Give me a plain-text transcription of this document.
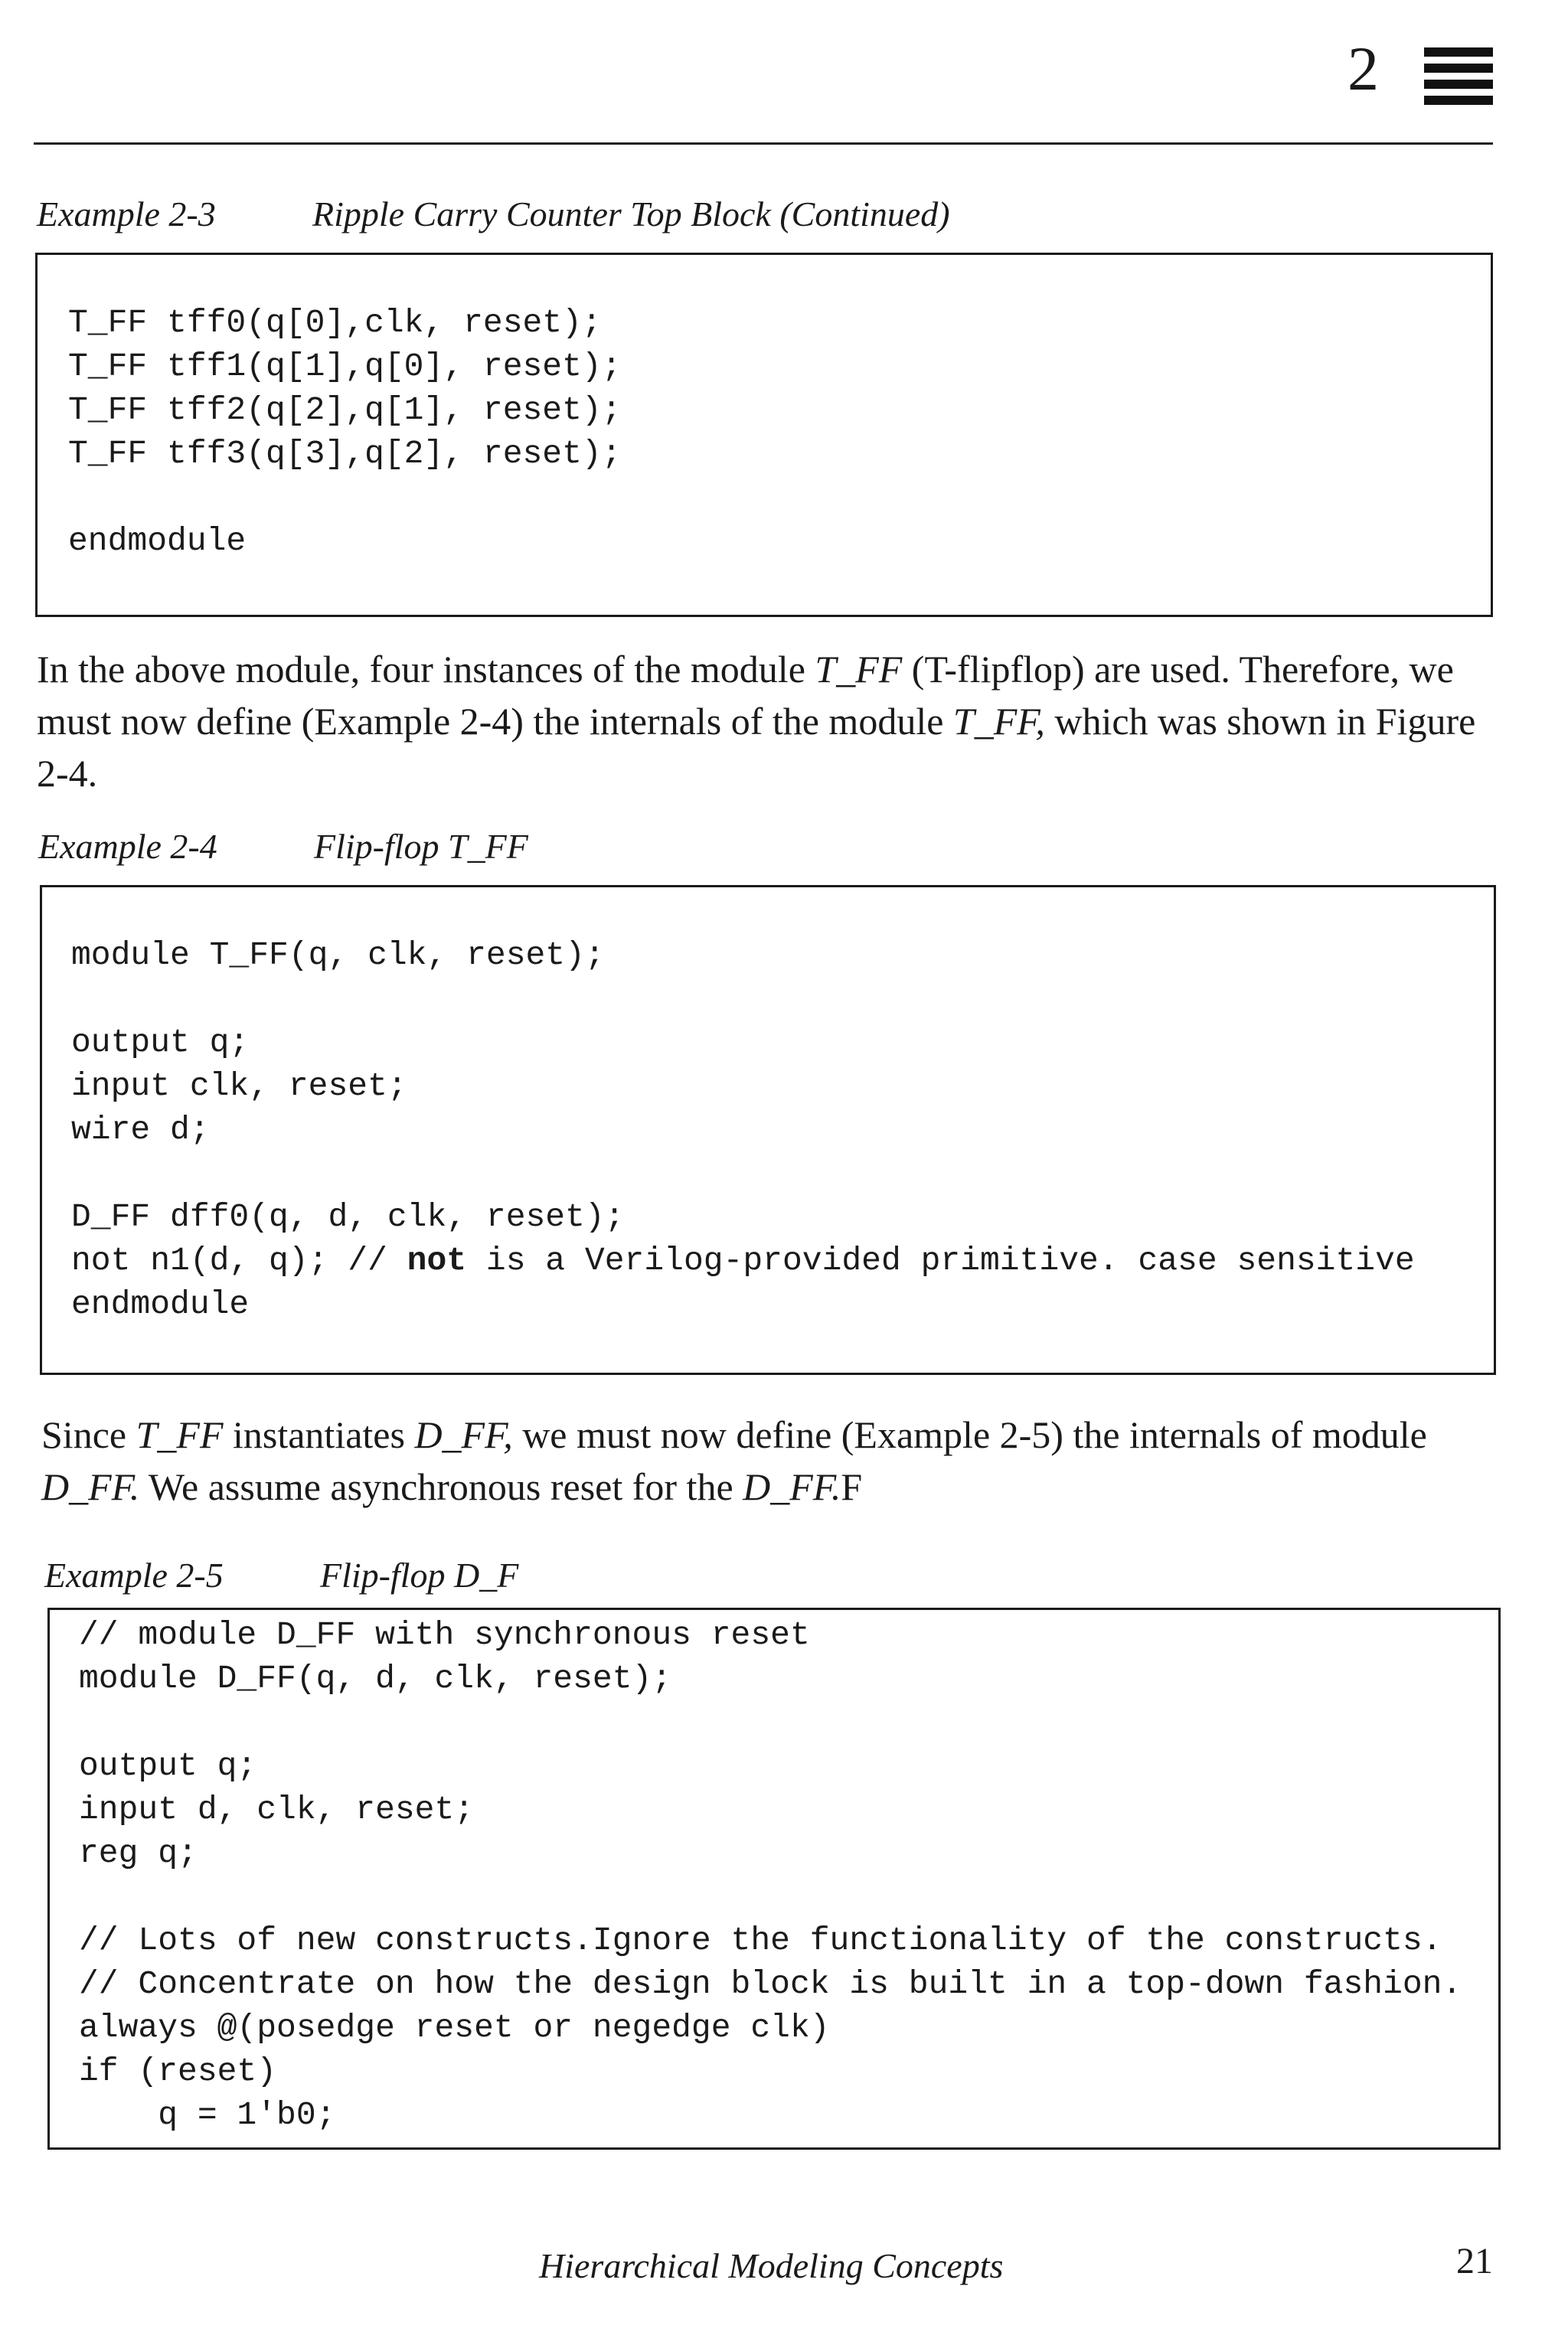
2
Example 2-3	Ripple Carry Counter Top Block (Continued)
T_FF tff0(q[0],clk, reset);
T_FF tff1(q[1],q[0], reset);
T_FF tff2(q[2],q[1], reset);
T_FF tff3(q[3],q[2], reset);

endmodule
In the above module, four instances of the module T_FF (T-flipflop) are used. Therefore, we must now define (Example 2-4) the internals of the module T_FF, which was shown in Figure 2-4.
Example 2-4	Flip-flop T_FF
module T_FF(q, clk, reset);

output q;
input clk, reset;
wire d;

D_FF dff0(q, d, clk, reset);
not n1(d, q); // not is a Verilog-provided primitive. case sensitive
endmodule
Since T_FF instantiates D_FF, we must now define (Example 2-5) the internals of module D_FF. We assume asynchronous reset for the D_FF.F
Example 2-5	Flip-flop D_F
// module D_FF with synchronous reset
module D_FF(q, d, clk, reset);

output q;
input d, clk, reset;
reg q;

// Lots of new constructs.Ignore the functionality of the constructs.
// Concentrate on how the design block is built in a top-down fashion.
always @(posedge reset or negedge clk)
if (reset)
q = 1'b0;
Hierarchical Modeling Concepts	21
